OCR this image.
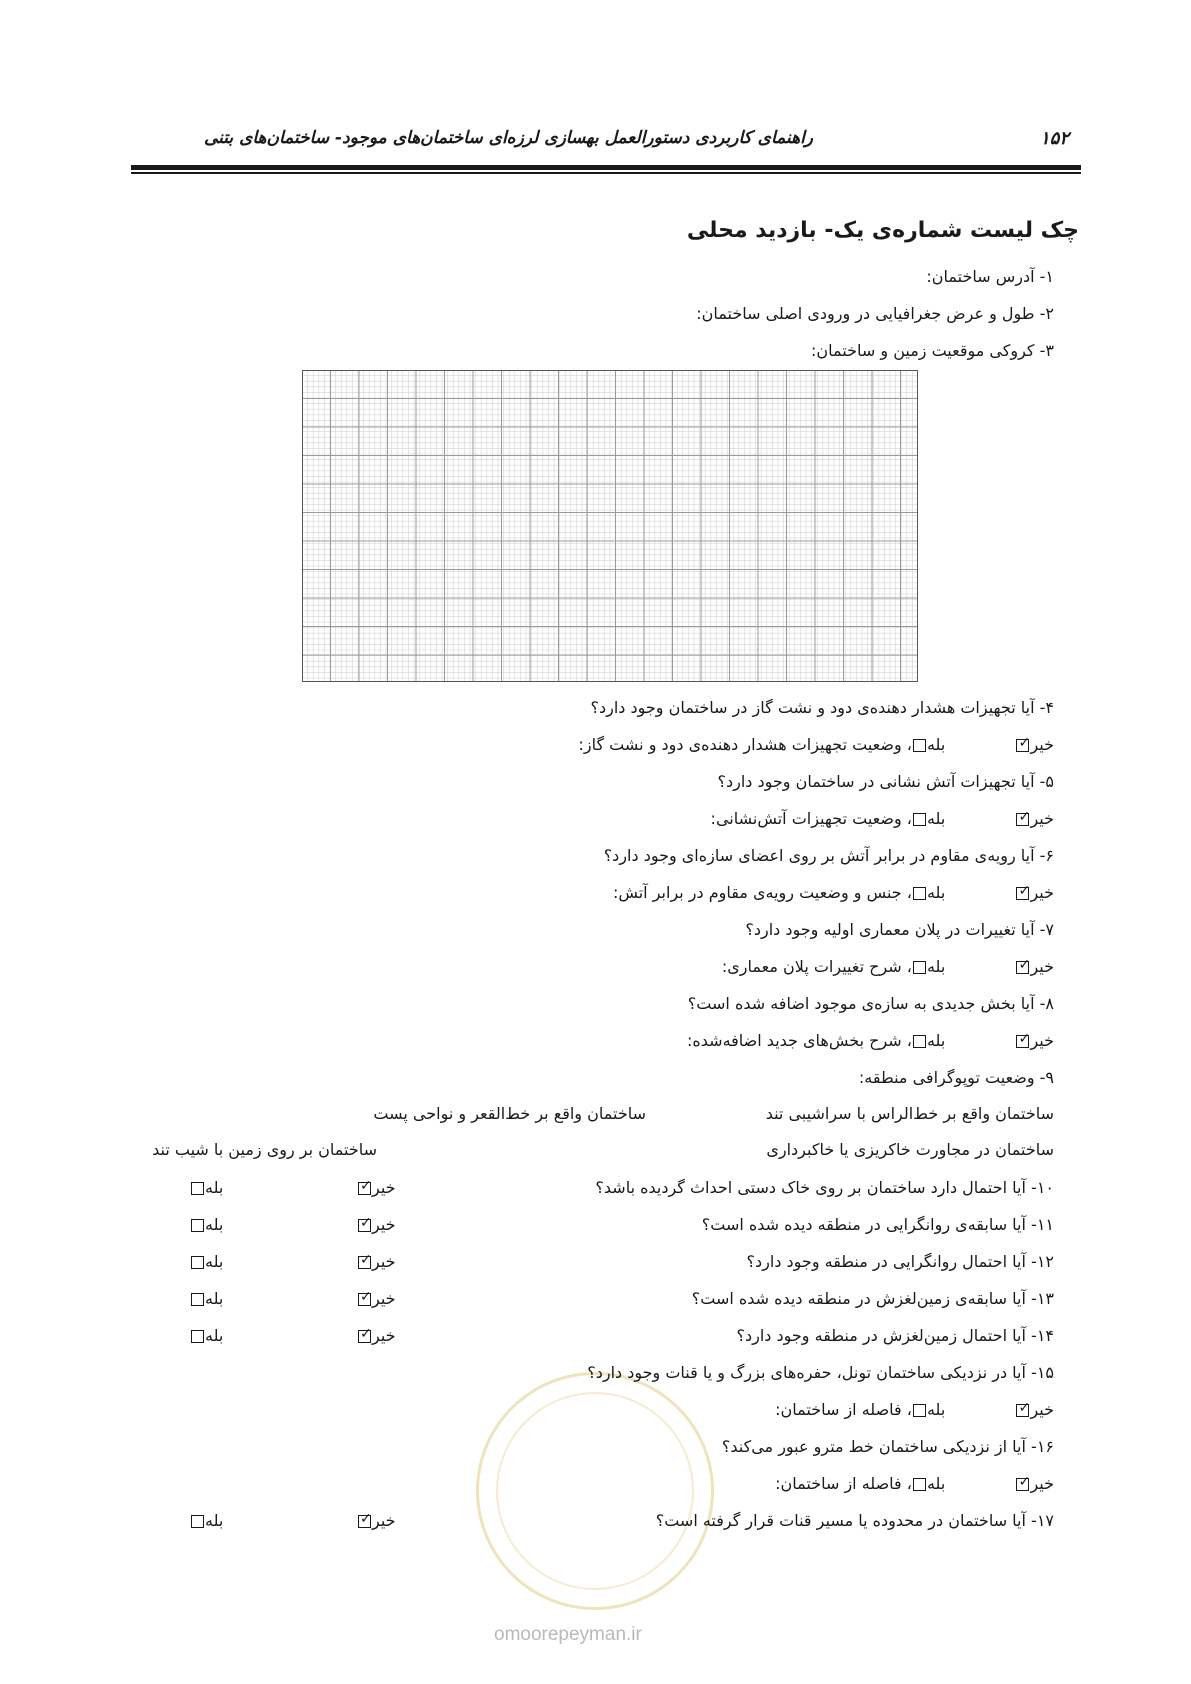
راهنمای کاربردی دستورالعمل بهسازی لرزه‌ای ساختمان‌های موجود- ساختمان‌های بتنی	۱۵۲
چک لیست شماره‌ی یک- بازدید محلی
۱- آدرس ساختمان:
۲- طول و عرض جغرافیایی در ورودی اصلی ساختمان:
۳- کروکی موقعیت زمین و ساختمان:
۴- آیا تجهیزات هشدار دهنده‌ی دود و نشت گاز در ساختمان وجود دارد؟
خیر✓  بله، وضعیت تجهیزات هشدار دهنده‌ی دود و نشت گاز:
۵- آیا تجهیزات آتش نشانی در ساختمان وجود دارد؟
خیر✓  بله، وضعیت تجهیزات آتش‌نشانی:
۶- آیا رویه‌ی مقاوم در برابر آتش بر روی اعضای سازه‌ای وجود دارد؟
خیر✓  بله، جنس و وضعیت رویه‌ی مقاوم در برابر آتش:
۷- آیا تغییرات در پلان معماری اولیه وجود دارد؟
خیر✓  بله، شرح تغییرات پلان معماری:
۸- آیا بخش جدیدی به سازه‌ی موجود اضافه شده است؟
خیر✓  بله، شرح بخش‌های جدید اضافه‌شده:
۹- وضعیت توپوگرافی منطقه:
ساختمان واقع بر خط‌الراس با سراشیبی تند

ساختمان واقع بر خط‌القعر و نواحی پست

ساختمان در مجاورت خاکریزی یا خاکبرداری

ساختمان بر روی زمین با شیب تند
۱۰- آیا احتمال دارد ساختمان بر روی خاک دستی احداث گردیده باشد؟
خیر✓
بله
۱۱- آیا سابقه‌ی روانگرایی در منطقه دیده شده است؟
خیر✓
بله
۱۲- آیا احتمال روانگرایی در منطقه وجود دارد؟
خیر✓
بله
۱۳- آیا سابقه‌ی زمین‌لغزش در منطقه دیده شده است؟
خیر✓
بله
۱۴- آیا احتمال زمین‌لغزش در منطقه وجود دارد؟
خیر✓
بله
omoorepeyman.ir
۱۵- آیا در نزدیکی ساختمان تونل، حفره‌های بزرگ و یا قنات وجود دارد؟
خیر✓  بله، فاصله از ساختمان:
۱۶- آیا از نزدیکی ساختمان خط مترو عبور می‌کند؟
خیر✓  بله، فاصله از ساختمان:
۱۷- آیا ساختمان در محدوده یا مسیر قنات قرار گرفته است؟
خیر✓
بله
